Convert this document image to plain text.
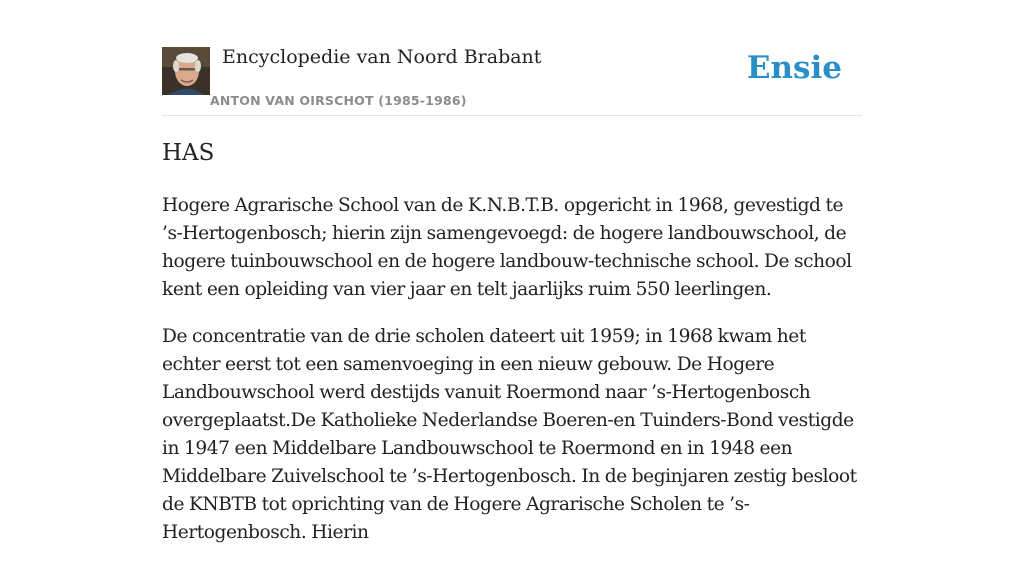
Encyclopedie van Noord Brabant
ANTON VAN OIRSCHOT (1985-1986)
Ensie
HAS

Hogere Agrarische School van de K.N.B.T.B. opgericht in 1968, gevestigd te ’s-Hertogenbosch; hierin zijn samengevoegd: de hogere landbouwschool, de hogere tuinbouwschool en de hogere landbouw-technische school. De school kent een opleiding van vier jaar en telt jaarlijks ruim 550 leerlingen.

De concentratie van de drie scholen dateert uit 1959; in 1968 kwam het echter eerst tot een samenvoeging in een nieuw gebouw. De Hogere Landbouwschool werd destijds vanuit Roermond naar ’s-Hertogenbosch overgeplaatst.De Katholieke Nederlandse Boeren-en Tuinders-Bond vestigde in 1947 een Middelbare Landbouwschool te Roermond en in 1948 een Middelbare Zuivelschool te ’s-Hertogenbosch. In de beginjaren zestig besloot de KNBTB tot oprichting van de Hogere Agrarische Scholen te ’s-Hertogenbosch. Hierin
